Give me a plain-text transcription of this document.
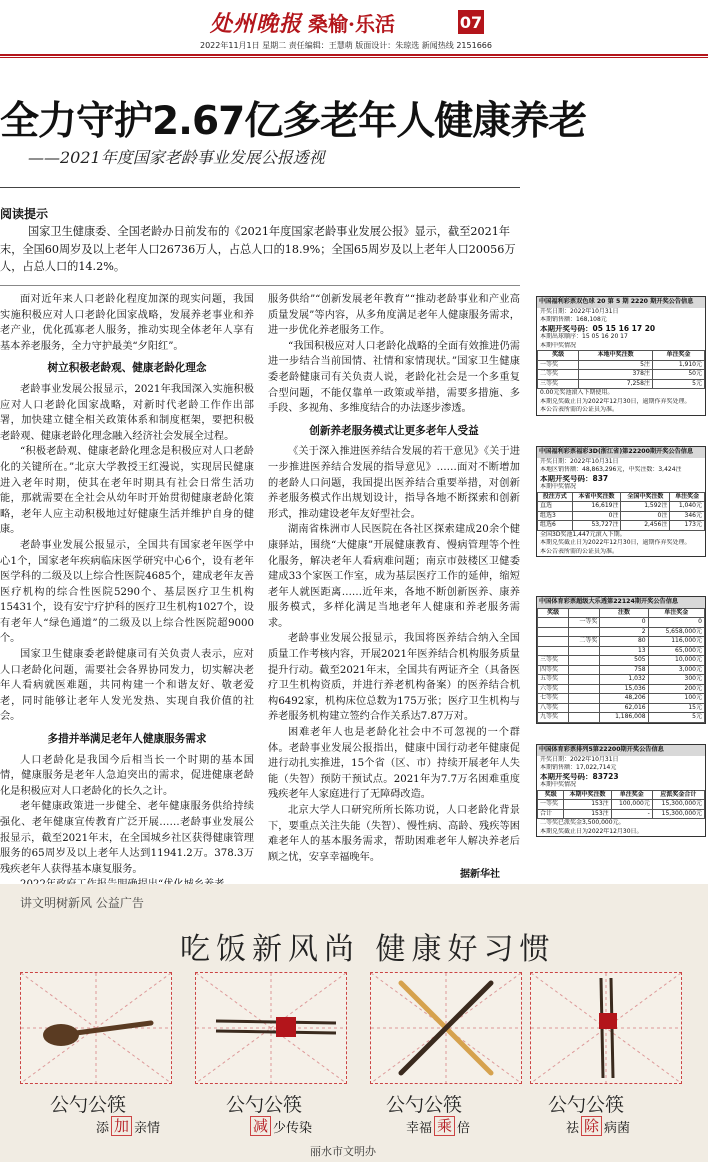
处州晚报 桑榆·乐活	07
2022年11月1日 星期二 责任编辑：王慧萌 版面设计：朱琼选 新闻热线 2151666
全力守护2.67亿多老年人健康养老
——2021年度国家老龄事业发展公报透视
阅读提示
国家卫生健康委、全国老龄办日前发布的《2021年度国家老龄事业发展公报》显示，截至2021年末，全国60周岁及以上老年人口26736万人，占总人口的18.9%；全国65周岁及以上老年人口20056万人，占总人口的14.2%。

面对近年来人口老龄化程度加深的现实问题，我国实施积极应对人口老龄化国家战略，发展养老事业和养老产业，优化孤寡老人服务，推动实现全体老年人享有基本养老服务，全力守护最美“夕阳红”。

树立积极老龄观、健康老龄化理念

老龄事业发展公报显示，2021年我国深入实施积极应对人口老龄化国家战略，对新时代老龄工作作出部署，加快建立健全相关政策体系和制度框架，要把积极老龄观、健康老龄化理念融入经济社会发展全过程。

“积极老龄观、健康老龄化理念是积极应对人口老龄化的关键所在。”北京大学教授王红漫说，实现居民健康进入老年时期，使其在老年时期具有社会日常生活功能，那就需要在全社会从幼年时开始贯彻健康老龄化策略，老年人应主动积极地过好健康生活并维护自身的健康。

老龄事业发展公报显示，全国共有国家老年医学中心1个，国家老年疾病临床医学研究中心6个，设有老年医学科的二级及以上综合性医院4685个，建成老年友善医疗机构的综合性医院5290个、基层医疗卫生机构15431个，设有安宁疗护科的医疗卫生机构1027个，设有老年人“绿色通道”的二级及以上综合性医院超9000个。

国家卫生健康委老龄健康司有关负责人表示，应对人口老龄化问题，需要社会各界协同发力，切实解决老年人看病就医难题，共同构建一个和谐友好、敬老爱老，同时能够让老年人发光发热、实现自我价值的社会。

多措并举满足老年人健康服务需求

人口老龄化是我国今后相当长一个时期的基本国情，健康服务是老年人急迫突出的需求，促进健康老龄化是积极应对人口老龄化的长久之计。

老年健康政策进一步健全、老年健康服务供给持续强化、老年健康宣传教育广泛开展……老龄事业发展公报显示，截至2021年末，在全国城乡社区获得健康管理服务的65周岁及以上老年人达到11941.2万。378.3万残疾老年人获得基本康复服务。

服务供给”“创新发展老年教育”“推动老龄事业和产业高质量发展”等内容，从多角度满足老年人健康服务需求，进一步优化养老服务工作。

“我国积极应对人口老龄化战略的全面有效推进仍需进一步结合当前国情、社情和家情现状。”国家卫生健康委老龄健康司有关负责人说，老龄化社会是一个多重复合型问题，不能仅靠单一政策或举措，需要多措施、多手段、多视角、多维度结合的办法逐步渗透。

创新养老服务模式让更多老年人受益

《关于深入推进医养结合发展的若干意见》《关于进一步推进医养结合发展的指导意见》……面对不断增加的老龄人口问题，我国提出医养结合重要举措，对创新养老服务模式作出规划设计，指导各地不断探索和创新形式，推动建设老年友好型社会。

湖南省株洲市人民医院在各社区探索建成20余个健康驿站，围绕“大健康”开展健康教育、慢病管理等个性化服务，解决老年人看病难问题；南京市鼓楼区卫健委建成33个家医工作室，成为基层医疗工作的延伸，缩短老年人就医距离……近年来，各地不断创新医养、康养服务模式，多样化满足当地老年人健康和养老服务需求。

老龄事业发展公报显示，我国将医养结合纳入全国质量工作考核内容，开展2021年医养结合机构服务质量提升行动。截至2021年末，全国共有两证齐全（具备医疗卫生机构资质，并进行养老机构备案）的医养结合机构6492家，机构床位总数为175万张；医疗卫生机构与养老服务机构建立签约合作关系达7.87万对。

困难老年人也是老龄化社会中不可忽视的一个群体。老龄事业发展公报指出，健康中国行动老年健康促进行动扎实推进，15个省（区、市）持续开展老年人失能（失智）预防干预试点。2021年为7.7万名困难重度残疾老年人家庭进行了无障碍改造。

北京大学人口研究所所长陈功说，人口老龄化背景下，要重点关注失能（失智）、慢性病、高龄、残疾等困难老年人的基本服务需求，帮助困难老年人解决养老后顾之忧，安享幸福晚年。

据新华社
中国福利彩票双色球 20 第 5 期 2220 期开奖公告信息
开奖日期：2022年10月31日
本期销售额：168,108元
本期开奖号码：05 15 16 17 20
本期出球顺序：15 05 16 20 17
本期中奖情况
奖级	本地中奖注数	单注奖金
一等奖	5注	1,910元
二等奖	378注	50元
三等奖	7,258注	5元
0.00元奖池滚入下期使用。
本期兑奖截止日为2022年12月30日，逾期作弃奖处理。
本公告表所需的公证员为准。
中国福利彩票福彩3D(浙江省)第22200期开奖公告信息
开奖日期：2022年10月31日
本地区销售额：48,863,296元，中奖注数：3,424注
本期开奖号码：837
本期中奖情况
投注方式	本省中奖注数	全国中奖注数	单注奖金
直选	16,619注	1,592注	1,040元
组选3	0注	0注	346元
组选6	53,727注	2,456注	173元
全国3D奖池1,447元滚入下期。
本期兑奖截止日为2022年12月30日，逾期作弃奖处理。
本公告表所需的公证员为准。
中国体育彩票超级大乐透第22124期开奖公告信息
奖级		注数	单注奖金
	一等奖	0	0
		2	5,658,000元
	二等奖	80	116,000元
		13	65,000元
三等奖		505	10,000元
四等奖		758	3,000元
五等奖		1,032	300元
六等奖		15,036	200元
七等奖		48,206	100元
八等奖		62,016	15元
九等奖		1,186,008	5元
中国体育彩票排列5第22200期开奖公告信息
开奖日期：2022年10月31日
本期销售额：17,022,714元
本期开奖号码：83723
本期中奖情况
奖级	本期中奖注数	单注奖金	应派奖金合计
一等奖	153注	100,000元	15,300,000元
合计	153注	-	15,300,000元
二等奖已派奖金3,500,000元。
本期兑奖截止日为2022年12月30日。
讲文明树新风 公益广告
吃饭新风尚 健康好习惯
公勺公筷	公勺公筷	公勺公筷	公勺公筷
添 加 亲情	减 少传染	幸福 乘 倍	祛 除 病菌
丽水市文明办
